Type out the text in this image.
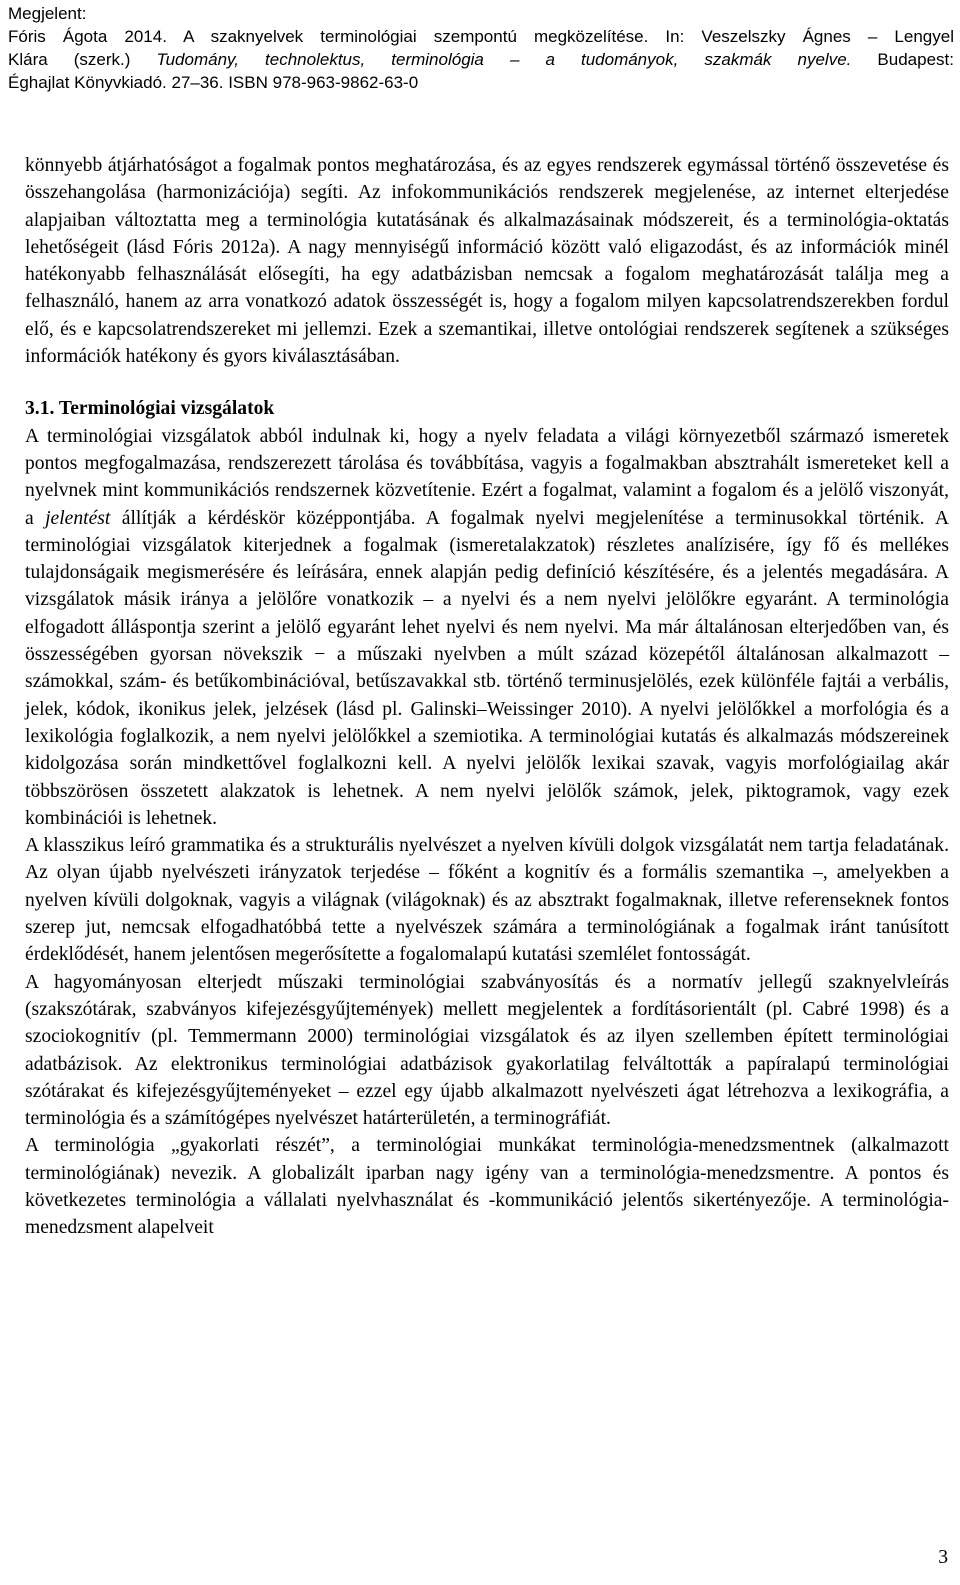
Megjelent:
Fóris Ágota 2014. A szaknyelvek terminológiai szempontú megközelítése. In: Veszelszky Ágnes – Lengyel
Klára (szerk.) Tudomány, technolektus, terminológia – a tudományok, szakmák nyelve. Budapest:
Éghajlat Könyvkiadó. 27–36. ISBN 978-963-9862-63-0

könnyebb átjárhatóságot a fogalmak pontos meghatározása, és az egyes rendszerek egymással történő összevetése és összehangolása (harmonizációja) segíti. Az infokommunikációs rendszerek megjelenése, az internet elterjedése alapjaiban változtatta meg a terminológia kutatásának és alkalmazásainak módszereit, és a terminológia-oktatás lehetőségeit (lásd Fóris 2012a). A nagy mennyiségű információ között való eligazodást, és az információk minél hatékonyabb felhasználását elősegíti, ha egy adatbázisban nemcsak a fogalom meghatározását találja meg a felhasználó, hanem az arra vonatkozó adatok összességét is, hogy a fogalom milyen kapcsolatrendszerekben fordul elő, és e kapcsolatrendszereket mi jellemzi. Ezek a szemantikai, illetve ontológiai rendszerek segítenek a szükséges információk hatékony és gyors kiválasztásában.

3.1. Terminológiai vizsgálatok

A terminológiai vizsgálatok abból indulnak ki, hogy a nyelv feladata a világi környezetből származó ismeretek pontos megfogalmazása, rendszerezett tárolása és továbbítása, vagyis a fogalmakban absztrahált ismereteket kell a nyelvnek mint kommunikációs rendszernek közvetítenie. Ezért a fogalmat, valamint a fogalom és a jelölő viszonyát, a jelentést állítják a kérdéskör középpontjába. A fogalmak nyelvi megjelenítése a terminusokkal történik. A terminológiai vizsgálatok kiterjednek a fogalmak (ismeretalakzatok) részletes analízisére, így fő és mellékes tulajdonságaik megismerésére és leírására, ennek alapján pedig definíció készítésére, és a jelentés megadására. A vizsgálatok másik iránya a jelölőre vonatkozik – a nyelvi és a nem nyelvi jelölőkre egyaránt. A terminológia elfogadott álláspontja szerint a jelölő egyaránt lehet nyelvi és nem nyelvi. Ma már általánosan elterjedőben van, és összességében gyorsan növekszik − a műszaki nyelvben a múlt század közepétől általánosan alkalmazott – számokkal, szám- és betűkombinációval, betűszavakkal stb. történő terminusjelölés, ezek különféle fajtái a verbális, jelek, kódok, ikonikus jelek, jelzések (lásd pl. Galinski–Weissinger 2010). A nyelvi jelölőkkel a morfológia és a lexikológia foglalkozik, a nem nyelvi jelölőkkel a szemiotika. A terminológiai kutatás és alkalmazás módszereinek kidolgozása során mindkettővel foglalkozni kell. A nyelvi jelölők lexikai szavak, vagyis morfológiailag akár többszörösen összetett alakzatok is lehetnek. A nem nyelvi jelölők számok, jelek, piktogramok, vagy ezek kombinációi is lehetnek.

A klasszikus leíró grammatika és a strukturális nyelvészet a nyelven kívüli dolgok vizsgálatát nem tartja feladatának. Az olyan újabb nyelvészeti irányzatok terjedése – főként a kognitív és a formális szemantika –, amelyekben a nyelven kívüli dolgoknak, vagyis a világnak (világoknak) és az absztrakt fogalmaknak, illetve referenseknek fontos szerep jut, nemcsak elfogadhatóbbá tette a nyelvészek számára a terminológiának a fogalmak iránt tanúsított érdeklődését, hanem jelentősen megerősítette a fogalomalapú kutatási szemlélet fontosságát.

A hagyományosan elterjedt műszaki terminológiai szabványosítás és a normatív jellegű szaknyelvleírás (szakszótárak, szabványos kifejezésgyűjtemények) mellett megjelentek a fordításorientált (pl. Cabré 1998) és a szociokognitív (pl. Temmermann 2000) terminológiai vizsgálatok és az ilyen szellemben épített terminológiai adatbázisok. Az elektronikus terminológiai adatbázisok gyakorlatilag felváltották a papíralapú terminológiai szótárakat és kifejezésgyűjteményeket – ezzel egy újabb alkalmazott nyelvészeti ágat létrehozva a lexikográfia, a terminológia és a számítógépes nyelvészet határterületén, a terminográfiát.

A terminológia „gyakorlati részét”, a terminológiai munkákat terminológia-menedzsmentnek (alkalmazott terminológiának) nevezik. A globalizált iparban nagy igény van a terminológia-menedzsmentre. A pontos és következetes terminológia a vállalati nyelvhasználat és -kommunikáció jelentős sikertényezője. A terminológia-menedzsment alapelveit

3
